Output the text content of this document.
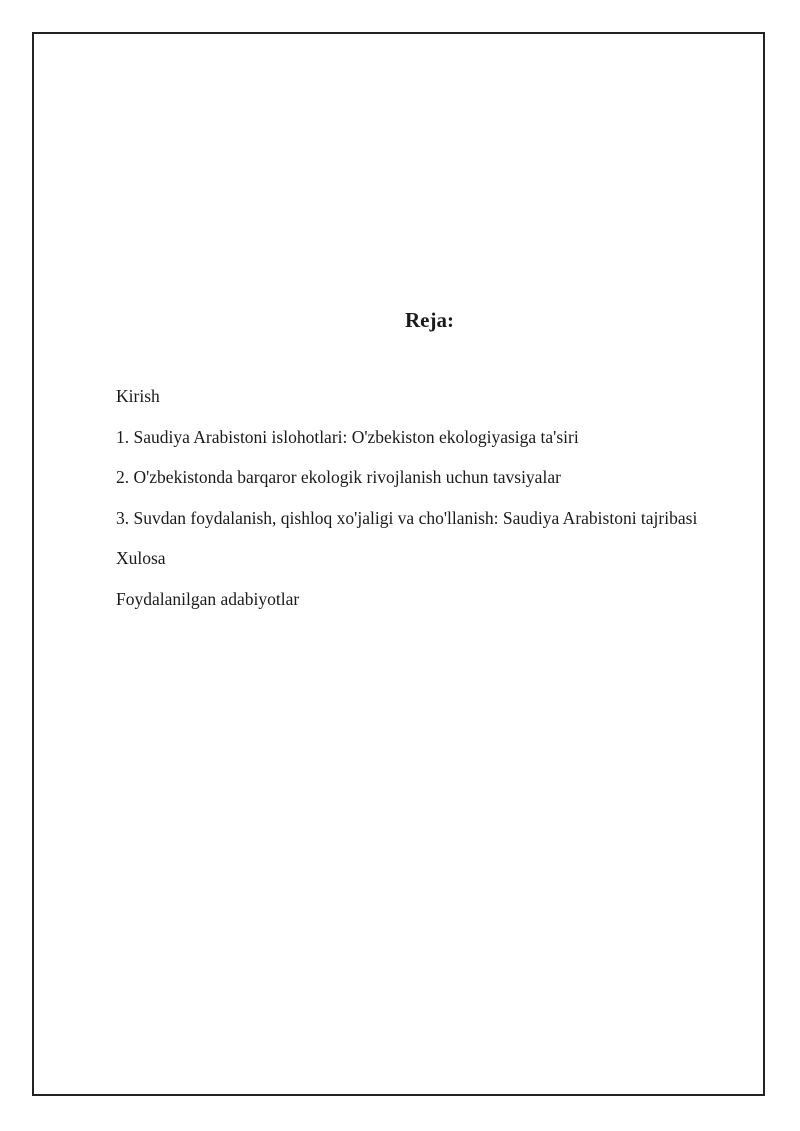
Reja:
Kirish
1. Saudiya Arabistoni islohotlari: O'zbekiston ekologiyasiga ta'siri
2. O'zbekistonda barqaror ekologik rivojlanish uchun tavsiyalar
3. Suvdan foydalanish, qishloq xo'jaligi va cho'llanish: Saudiya Arabistoni tajribasi
Xulosa
Foydalanilgan adabiyotlar
